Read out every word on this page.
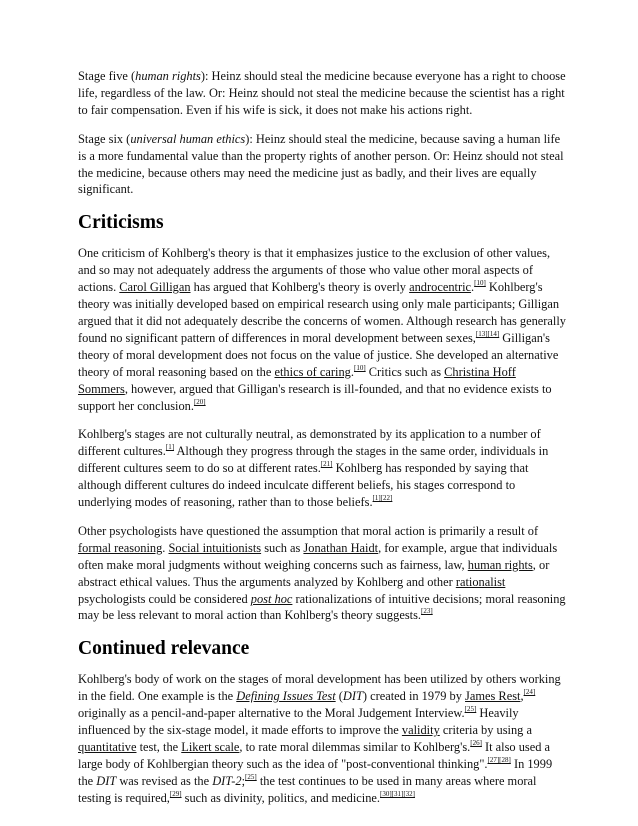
Stage five (human rights): Heinz should steal the medicine because everyone has a right to choose life, regardless of the law. Or: Heinz should not steal the medicine because the scientist has a right to fair compensation. Even if his wife is sick, it does not make his actions right.

Stage six (universal human ethics): Heinz should steal the medicine, because saving a human life is a more fundamental value than the property rights of another person. Or: Heinz should not steal the medicine, because others may need the medicine just as badly, and their lives are equally significant.

Criticisms

One criticism of Kohlberg's theory is that it emphasizes justice to the exclusion of other values, and so may not adequately address the arguments of those who value other moral aspects of actions. Carol Gilligan has argued that Kohlberg's theory is overly androcentric.[10] Kohlberg's theory was initially developed based on empirical research using only male participants; Gilligan argued that it did not adequately describe the concerns of women. Although research has generally found no significant pattern of differences in moral development between sexes,[13][14] Gilligan's theory of moral development does not focus on the value of justice. She developed an alternative theory of moral reasoning based on the ethics of caring.[10] Critics such as Christina Hoff Sommers, however, argued that Gilligan's research is ill-founded, and that no evidence exists to support her conclusion.[20]

Kohlberg's stages are not culturally neutral, as demonstrated by its application to a number of different cultures.[1] Although they progress through the stages in the same order, individuals in different cultures seem to do so at different rates.[21] Kohlberg has responded by saying that although different cultures do indeed inculcate different beliefs, his stages correspond to underlying modes of reasoning, rather than to those beliefs.[1][22]

Other psychologists have questioned the assumption that moral action is primarily a result of formal reasoning. Social intuitionists such as Jonathan Haidt, for example, argue that individuals often make moral judgments without weighing concerns such as fairness, law, human rights, or abstract ethical values. Thus the arguments analyzed by Kohlberg and other rationalist psychologists could be considered post hoc rationalizations of intuitive decisions; moral reasoning may be less relevant to moral action than Kohlberg's theory suggests.[23]

Continued relevance

Kohlberg's body of work on the stages of moral development has been utilized by others working in the field. One example is the Defining Issues Test (DIT) created in 1979 by James Rest,[24] originally as a pencil-and-paper alternative to the Moral Judgement Interview.[25] Heavily influenced by the six-stage model, it made efforts to improve the validity criteria by using a quantitative test, the Likert scale, to rate moral dilemmas similar to Kohlberg's.[26] It also used a large body of Kohlbergian theory such as the idea of "post-conventional thinking".[27][28] In 1999 the DIT was revised as the DIT-2;[25] the test continues to be used in many areas where moral testing is required,[29] such as divinity, politics, and medicine.[30][31][32]
